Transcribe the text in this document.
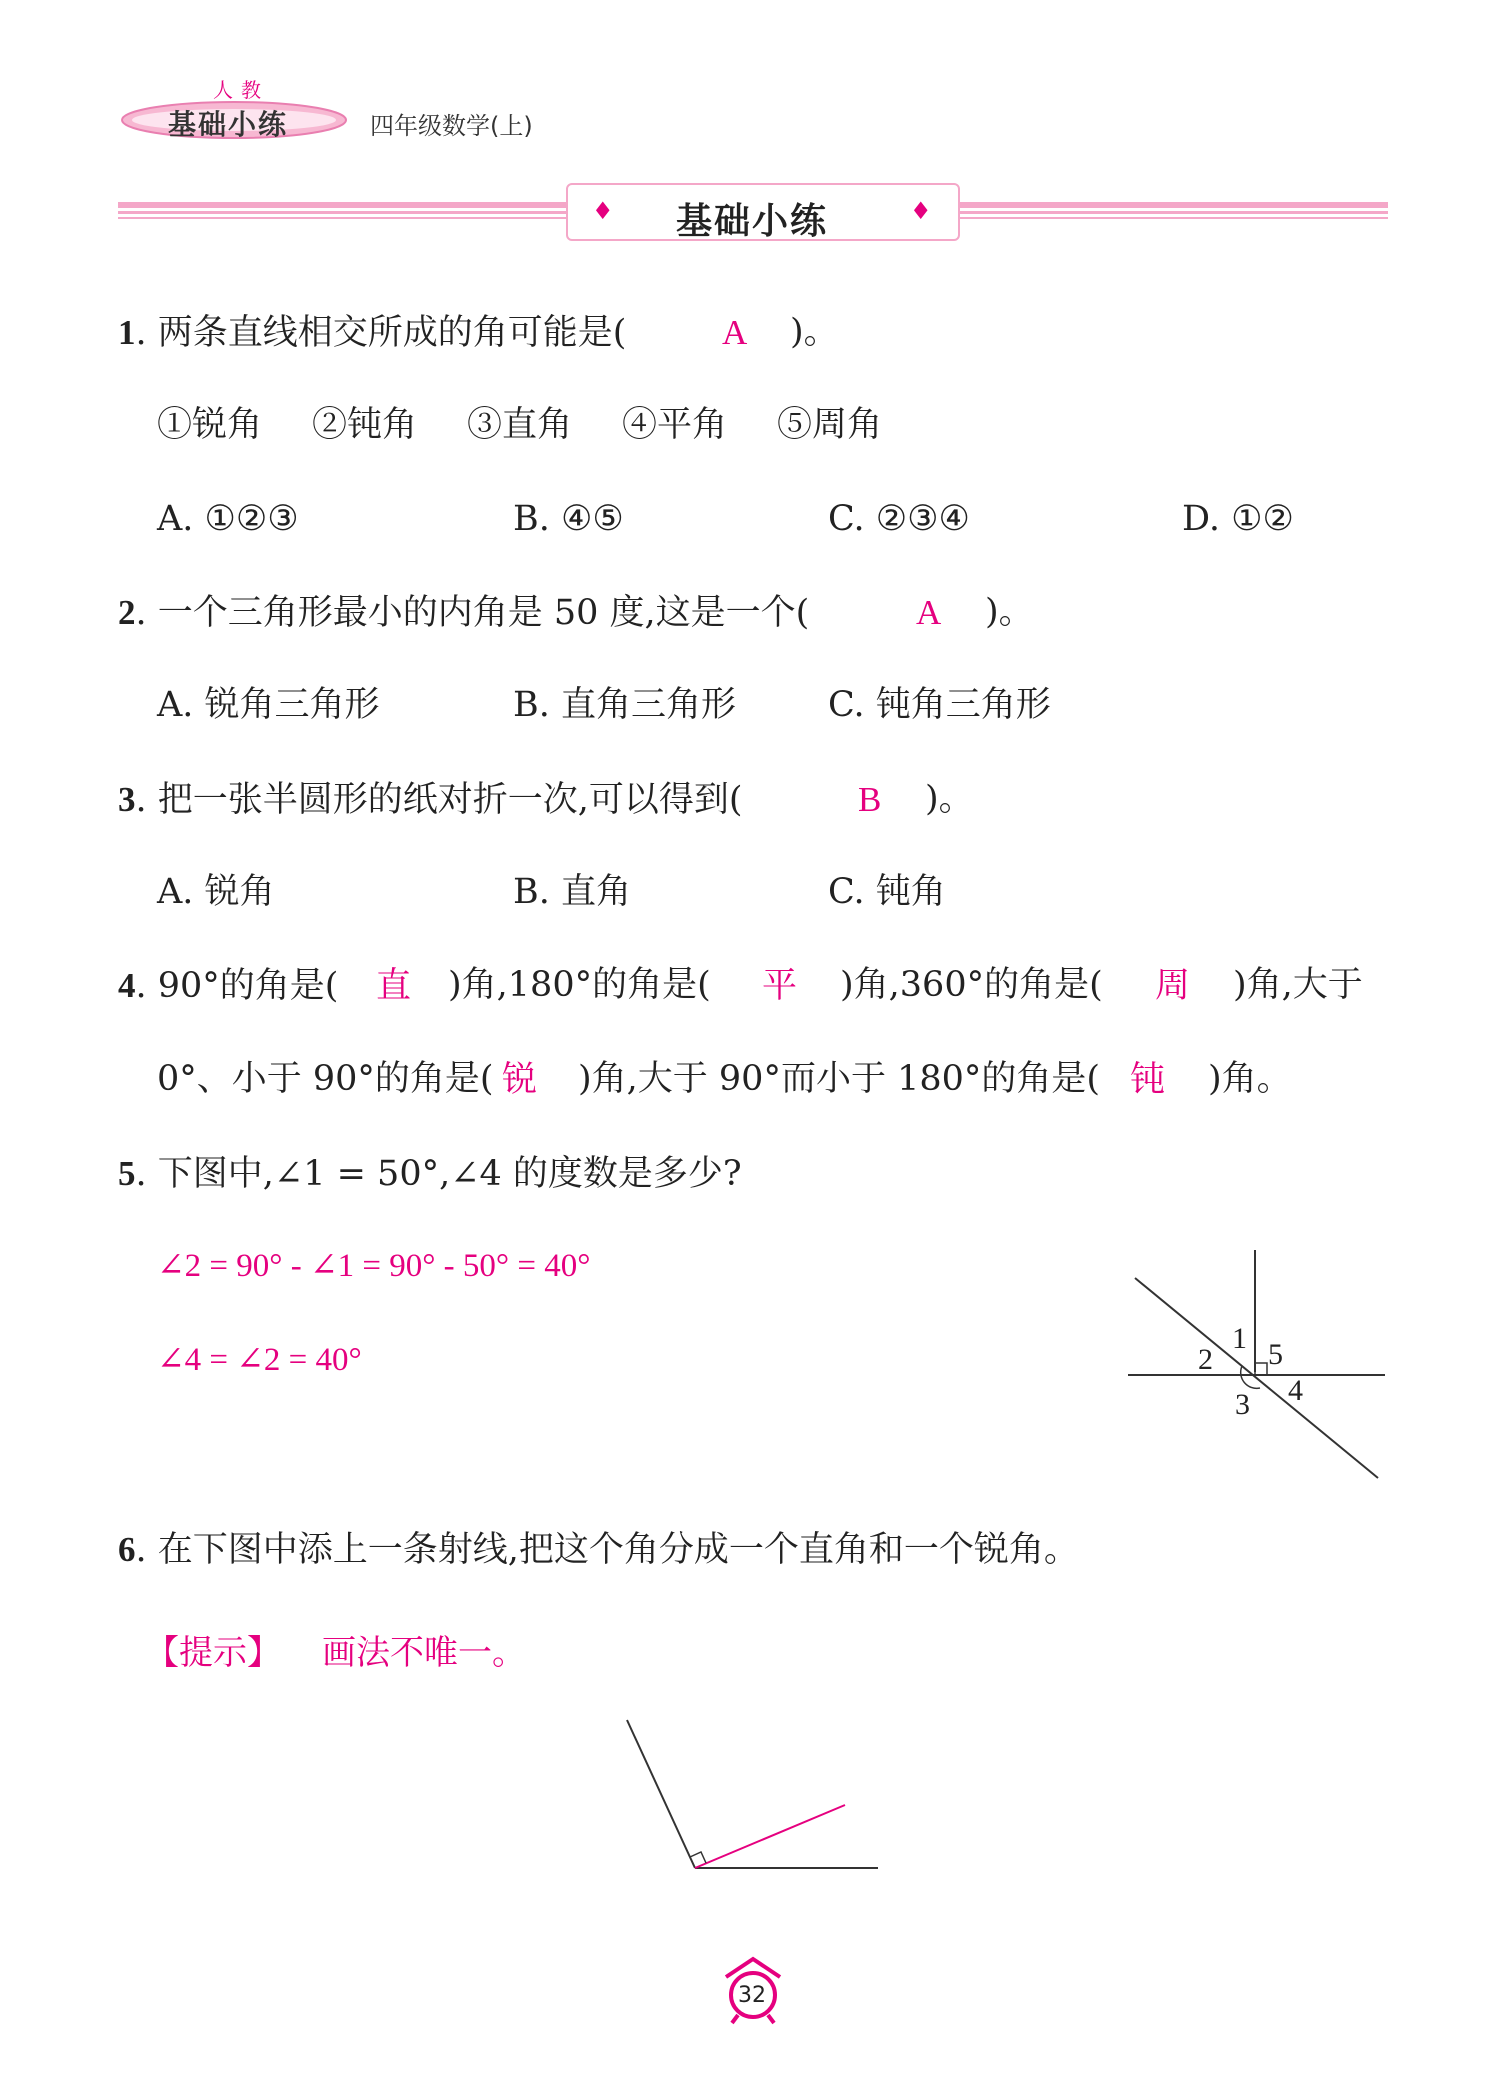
人教
基础小练	四年级数学(上)
♦ 基础小练	♦
1. 两条直线相交所成的角可能是(	A )。
①锐角 ②钝角 ③直角 ④平角 ⑤周角
A. ①②③	B. ④⑤	C. ②③④	D. ①②
2. 一个三角形最小的内角是 50 度,这是一个(	A )。
A. 锐角三角形	B. 直角三角形	C. 钝角三角形
3. 把一张半圆形的纸对折一次,可以得到(	B )。
A. 锐角	B. 直角	C. 钝角
4. 90°的角是( 直 )角,180°的角是( 平 )角,360°的角是( 周 )角,大于
0°、小于 90°的角是( 锐 )角,大于 90°而小于 180°的角是( 钝 )角。
5. 下图中,∠1 = 50°,∠4 的度数是多少?
∠2 = 90° - ∠1 = 90° - 50° = 40°
∠4 = ∠2 = 40°
1
2
3 4
5
6. 在下图中添上一条射线,把这个角分成一个直角和一个锐角。
【提示】 画法不唯一。
32
